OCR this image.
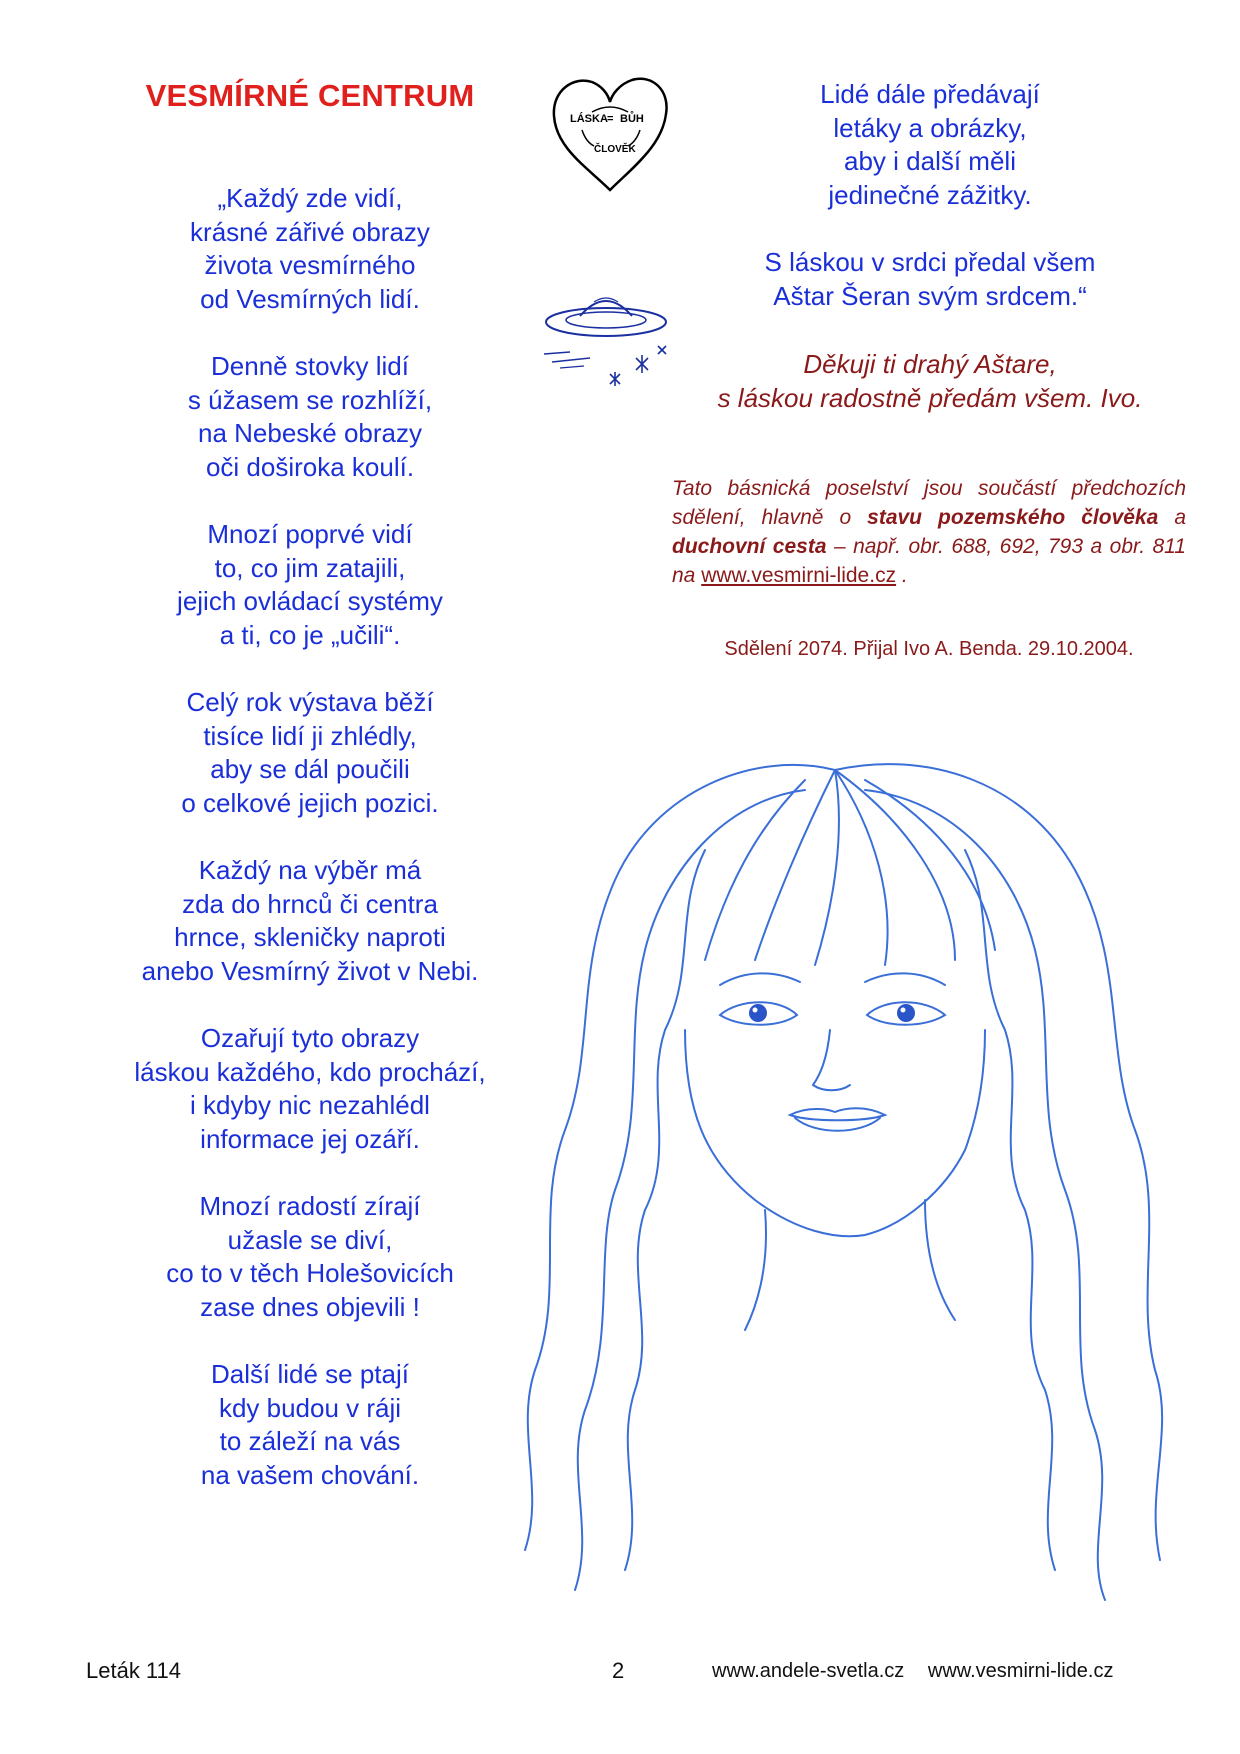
VESMÍRNÉ CENTRUM
LÁSKA = BŮH
ČLOVĚK
„Každý zde vidí,
krásné zářivé obrazy
života vesmírného
od Vesmírných lidí.
Denně stovky lidí
s úžasem se rozhlíží,
na Nebeské obrazy
oči doširoka koulí.
Mnozí poprvé vidí
to, co jim zatajili,
jejich ovládací systémy
a ti, co je „učili“.
Celý rok výstava běží
tisíce lidí ji zhlédly,
aby se dál poučili
o celkové jejich pozici.
Každý na výběr má
zda do hrnců či centra
hrnce, skleničky naproti
anebo Vesmírný život v Nebi.
Ozařují tyto obrazy
láskou každého, kdo prochází,
i kdyby nic nezahlédl
informace jej ozáří.
Mnozí radostí zírají
užasle se diví,
co to v těch Holešovicích
zase dnes objevili !
Další lidé se ptají
kdy budou v ráji
to záleží na vás
na vašem chování.
Lidé dále předávají
letáky a obrázky,
aby i další měli
jedinečné zážitky.
S láskou v srdci předal všem
Aštar Šeran svým srdcem.“
Děkuji ti drahý Aštare,
s láskou radostně předám všem. Ivo.
Tato básnická poselství jsou součástí předchozích sdělení, hlavně o stavu pozemského člověka a duchovní cesta – např. obr. 688, 692, 793 a obr. 811 na www.vesmirni-lide.cz .
Sdělení 2074. Přijal Ivo A. Benda. 29.10.2004.
Leták 114	2	www.andele-svetla.cz www.vesmirni-lide.cz
